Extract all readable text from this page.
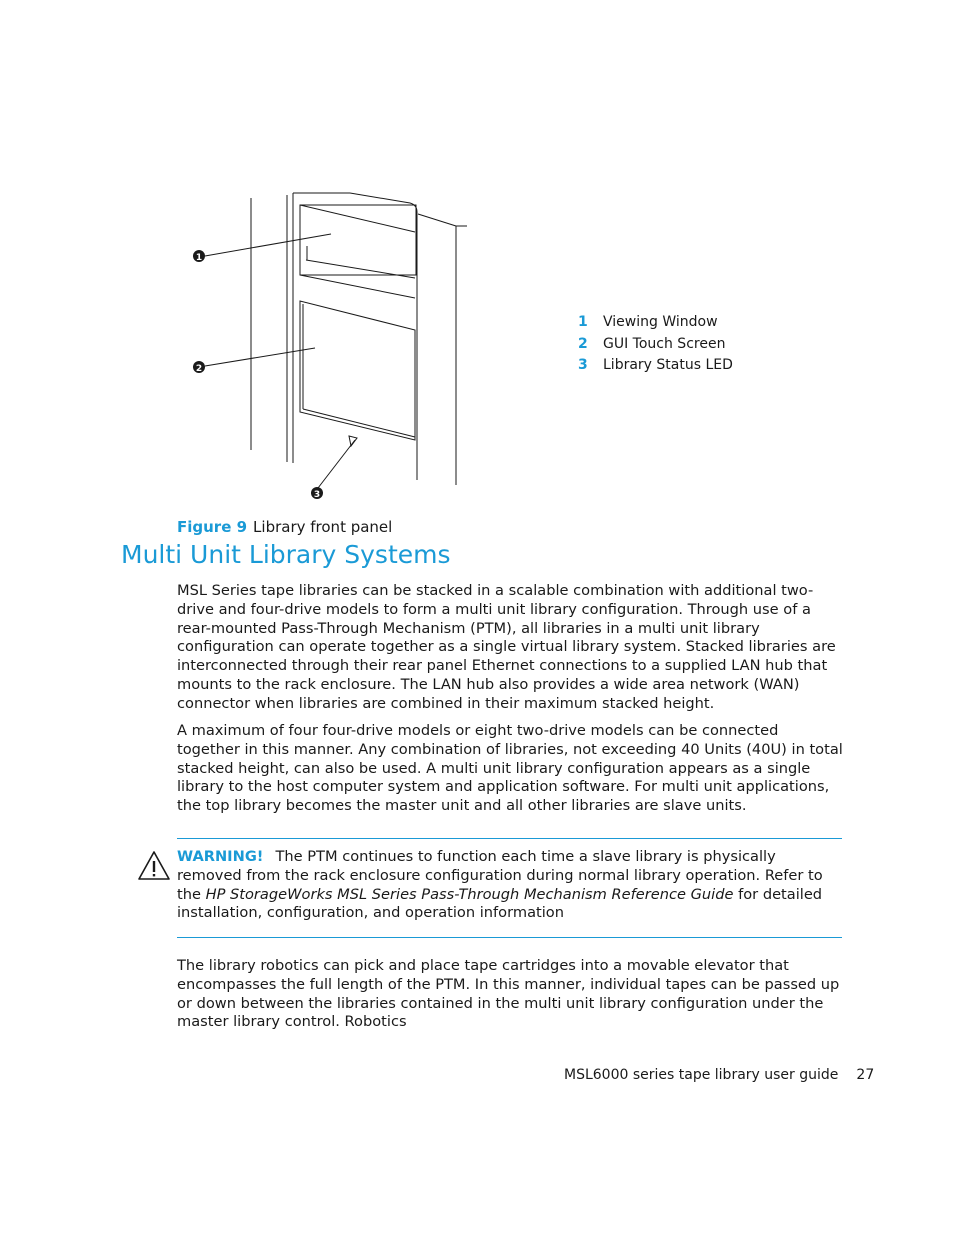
1
2
3
1 Viewing Window
2 GUI Touch Screen
3 Library Status LED
Figure 9 Library front panel
Multi Unit Library Systems

MSL Series tape libraries can be stacked in a scalable combination with additional two-drive and four-drive models to form a multi unit library configuration. Through use of a rear-mounted Pass-Through Mechanism (PTM), all libraries in a multi unit library configuration can operate together as a single virtual library system. Stacked libraries are interconnected through their rear panel Ethernet connections to a supplied LAN hub that mounts to the rack enclosure. The LAN hub also provides a wide area network (WAN) connector when libraries are combined in their maximum stacked height.

A maximum of four four-drive models or eight two-drive models can be connected together in this manner. Any combination of libraries, not exceeding 40 Units (40U) in total stacked height, can also be used. A multi unit library configuration appears as a single library to the host computer system and application software. For multi unit applications, the top library becomes the master unit and all other libraries are slave units.

WARNING! The PTM continues to function each time a slave library is physically removed from the rack enclosure configuration during normal library operation. Refer to the HP StorageWorks MSL Series Pass-Through Mechanism Reference Guide for detailed installation, configuration, and operation information

The library robotics can pick and place tape cartridges into a movable elevator that encompasses the full length of the PTM. In this manner, individual tapes can be passed up or down between the libraries contained in the multi unit library configuration under the master library control. Robotics

MSL6000 series tape library user guide 27
